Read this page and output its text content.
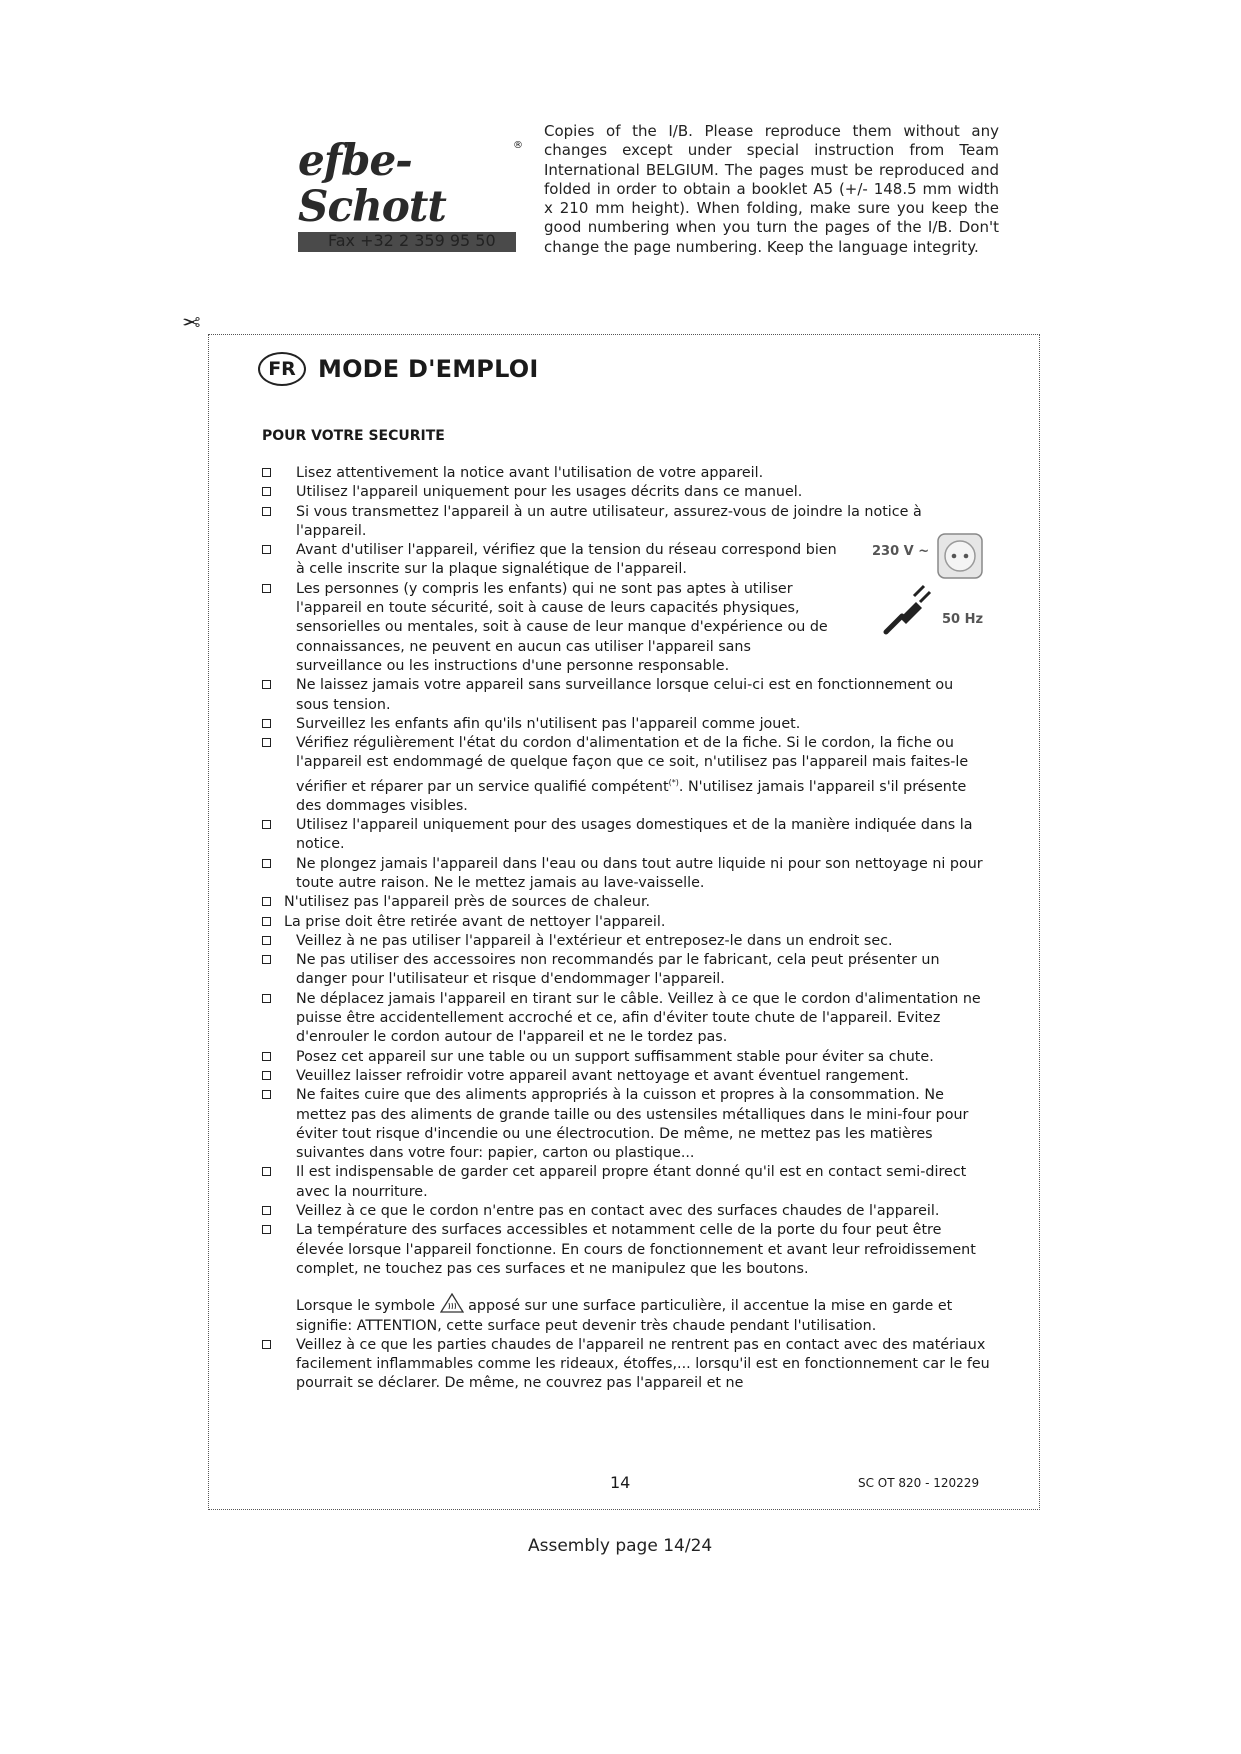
efbe-Schott
®
Fax +32 2 359 95 50
Copies of the I/B. Please reproduce them without any changes except under special instruction from Team International BELGIUM. The pages must be reproduced and folded in order to obtain a booklet A5 (+/- 148.5 mm width x 210 mm height). When folding, make sure you keep the good numbering when you turn the pages of the I/B. Don't change the page numbering. Keep the language integrity.
✂
FR MODE D'EMPLOI
POUR VOTRE SECURITE
Lisez attentivement la notice avant l'utilisation de votre appareil.
Utilisez l'appareil uniquement pour les usages décrits dans ce manuel.
Si vous transmettez l'appareil à un autre utilisateur, assurez-vous de joindre la notice à l'appareil.
Avant d'utiliser l'appareil, vérifiez que la tension du réseau correspond bien à celle inscrite sur la plaque signalétique de l'appareil.
Les personnes (y compris les enfants) qui ne sont pas aptes à utiliser l'appareil en toute sécurité, soit à cause de leurs capacités physiques, sensorielles ou mentales, soit à cause de leur manque d'expérience ou de connaissances, ne peuvent en aucun cas utiliser l'appareil sans surveillance ou les instructions d'une personne responsable.
Ne laissez jamais votre appareil sans surveillance lorsque celui-ci est en fonctionnement ou sous tension.
Surveillez les enfants afin qu'ils n'utilisent pas l'appareil comme jouet.
Vérifiez régulièrement l'état du cordon d'alimentation et de la fiche. Si le cordon, la fiche ou l'appareil est endommagé de quelque façon que ce soit, n'utilisez pas l'appareil mais faites-le vérifier et réparer par un service qualifié compétent(*). N'utilisez jamais l'appareil s'il présente des dommages visibles.
Utilisez l'appareil uniquement pour des usages domestiques et de la manière indiquée dans la notice.
Ne plongez jamais l'appareil dans l'eau ou dans tout autre liquide ni pour son nettoyage ni pour toute autre raison. Ne le mettez jamais au lave-vaisselle.
N'utilisez pas l'appareil près de sources de chaleur.
La prise doit être retirée avant de nettoyer l'appareil.
Veillez à ne pas utiliser l'appareil à l'extérieur et entreposez-le dans un endroit sec.
Ne pas utiliser des accessoires non recommandés par le fabricant, cela peut présenter un danger pour l'utilisateur et risque d'endommager l'appareil.
Ne déplacez jamais l'appareil en tirant sur le câble. Veillez à ce que le cordon d'alimentation ne puisse être accidentellement accroché et ce, afin d'éviter toute chute de l'appareil. Evitez d'enrouler le cordon autour de l'appareil et ne le tordez pas.
Posez cet appareil sur une table ou un support suffisamment stable pour éviter sa chute.
Veuillez laisser refroidir votre appareil avant nettoyage et avant éventuel rangement.
Ne faites cuire que des aliments appropriés à la cuisson et propres à la consommation. Ne mettez pas des aliments de grande taille ou des ustensiles métalliques dans le mini-four pour éviter tout risque d'incendie ou une électrocution. De même, ne mettez pas les matières suivantes dans votre four: papier, carton ou plastique...
Il est indispensable de garder cet appareil propre étant donné qu'il est en contact semi-direct avec la nourriture.
Veillez à ce que le cordon n'entre pas en contact avec des surfaces chaudes de l'appareil.
La température des surfaces accessibles et notamment celle de la porte du four peut être élevée lorsque l'appareil fonctionne. En cours de fonctionnement et avant leur refroidissement complet, ne touchez pas ces surfaces et ne manipulez que les boutons.
Lorsque le symbole apposé sur une surface particulière, il accentue la mise en garde et signifie: ATTENTION, cette surface peut devenir très chaude pendant l'utilisation.
Veillez à ce que les parties chaudes de l'appareil ne rentrent pas en contact avec des matériaux facilement inflammables comme les rideaux, étoffes,... lorsqu'il est en fonctionnement car le feu pourrait se déclarer. De même, ne couvrez pas l'appareil et ne
230 V ~
50 Hz
14	SC OT 820 - 120229
Assembly page 14/24
